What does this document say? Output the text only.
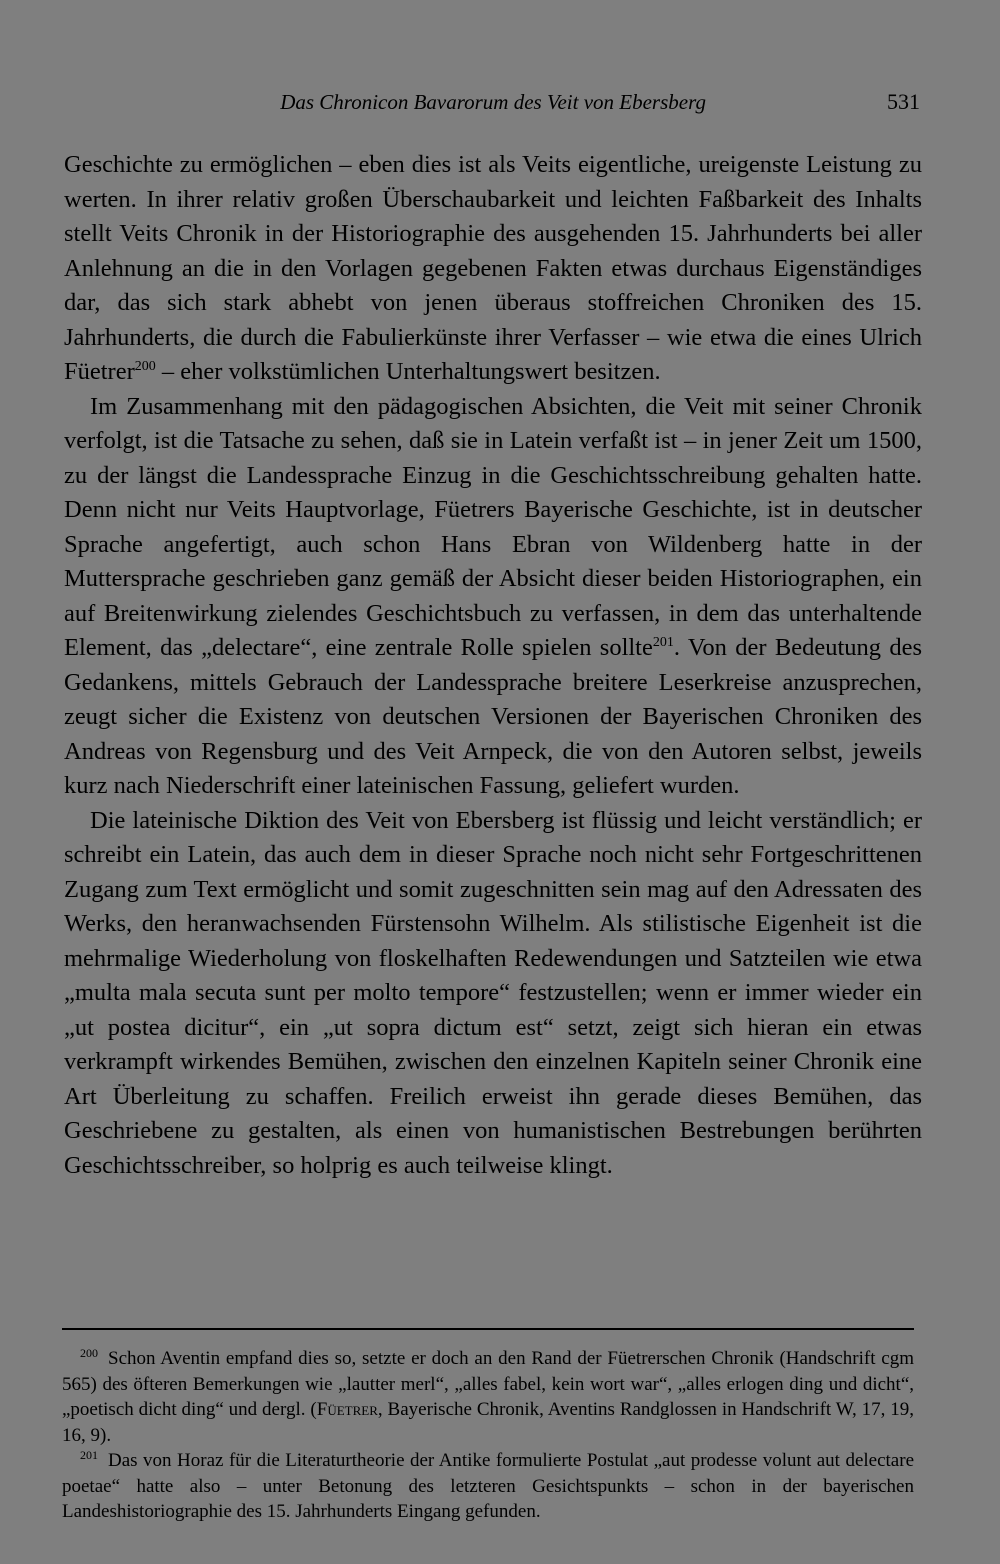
Das Chronicon Bavarorum des Veit von Ebersberg	531

Geschichte zu ermöglichen – eben dies ist als Veits eigentliche, ureigenste Leistung zu werten. In ihrer relativ großen Überschaubarkeit und leichten Faßbarkeit des Inhalts stellt Veits Chronik in der Historiographie des ausgehenden 15. Jahrhunderts bei aller Anlehnung an die in den Vorlagen gegebenen Fakten etwas durchaus Eigenständiges dar, das sich stark abhebt von jenen überaus stoffreichen Chroniken des 15. Jahrhunderts, die durch die Fabulierkünste ihrer Verfasser – wie etwa die eines Ulrich Füetrer$^{200}$ – eher volkstümlichen Unterhaltungswert besitzen.

Im Zusammenhang mit den pädagogischen Absichten, die Veit mit seiner Chronik verfolgt, ist die Tatsache zu sehen, daß sie in Latein verfaßt ist – in jener Zeit um 1500, zu der längst die Landessprache Einzug in die Geschichtsschreibung gehalten hatte. Denn nicht nur Veits Hauptvorlage, Füetrers Bayerische Geschichte, ist in deutscher Sprache angefertigt, auch schon Hans Ebran von Wildenberg hatte in der Muttersprache geschrieben ganz gemäß der Absicht dieser beiden Historiographen, ein auf Breitenwirkung zielendes Geschichtsbuch zu verfassen, in dem das unterhaltende Element, das „delectare“, eine zentrale Rolle spielen sollte$^{201}$. Von der Bedeutung des Gedankens, mittels Gebrauch der Landessprache breitere Leserkreise anzusprechen, zeugt sicher die Existenz von deutschen Versionen der Bayerischen Chroniken des Andreas von Regensburg und des Veit Arnpeck, die von den Autoren selbst, jeweils kurz nach Niederschrift einer lateinischen Fassung, geliefert wurden.

Die lateinische Diktion des Veit von Ebersberg ist flüssig und leicht verständlich; er schreibt ein Latein, das auch dem in dieser Sprache noch nicht sehr Fortgeschrittenen Zugang zum Text ermöglicht und somit zugeschnitten sein mag auf den Adressaten des Werks, den heranwachsenden Fürstensohn Wilhelm. Als stilistische Eigenheit ist die mehrmalige Wiederholung von floskelhaften Redewendungen und Satzteilen wie etwa „multa mala secuta sunt per molto tempore“ festzustellen; wenn er immer wieder ein „ut postea dicitur“, ein „ut sopra dictum est“ setzt, zeigt sich hieran ein etwas verkrampft wirkendes Bemühen, zwischen den einzelnen Kapiteln seiner Chronik eine Art Überleitung zu schaffen. Freilich erweist ihn gerade dieses Bemühen, das Geschriebene zu gestalten, als einen von humanistischen Bestrebungen berührten Geschichtsschreiber, so holprig es auch teilweise klingt.

$^{200}$ Schon Aventin empfand dies so, setzte er doch an den Rand der Füetrerschen Chronik (Handschrift cgm 565) des öfteren Bemerkungen wie „lautter merl“, „alles fabel, kein wort war“, „alles erlogen ding und dicht“, „poetisch dicht ding“ und dergl. (Füetrer, Bayerische Chronik, Aventins Randglossen in Handschrift W, 17, 19, 16, 9).

$^{201}$ Das von Horaz für die Literaturtheorie der Antike formulierte Postulat „aut prodesse volunt aut delectare poetae“ hatte also – unter Betonung des letzteren Gesichtspunkts – schon in der bayerischen Landeshistoriographie des 15. Jahrhunderts Eingang gefunden.
